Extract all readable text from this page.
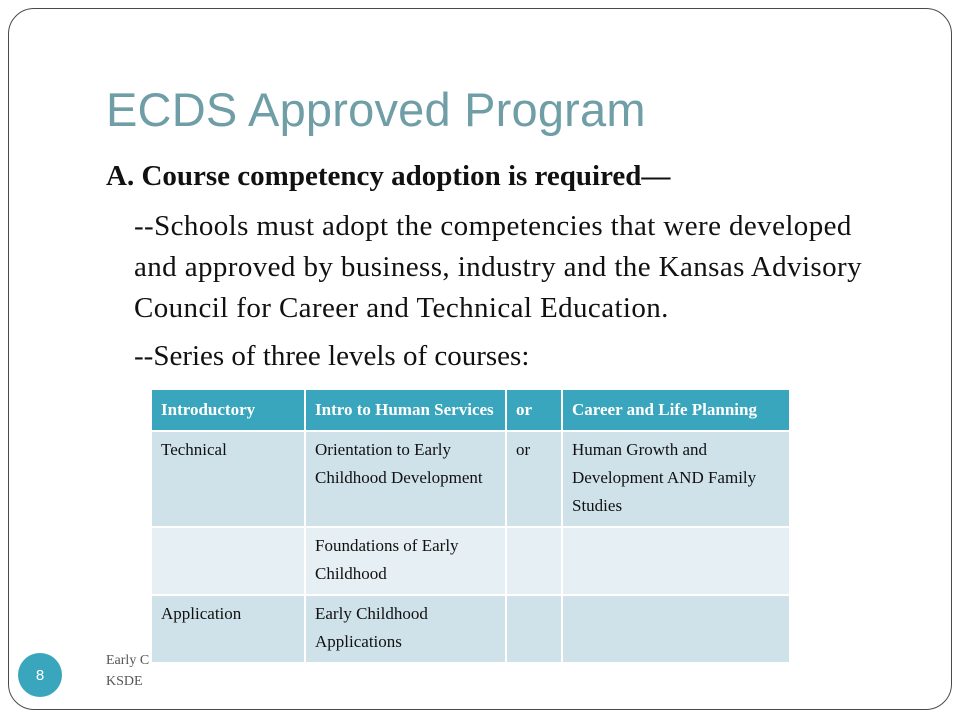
ECDS Approved Program
A. Course competency adoption is required—
--Schools must adopt the competencies that were developed and approved by business, industry and the Kansas Advisory Council for Career and Technical Education.
--Series of three levels of courses:
Early C
KSDE
Introductory	Intro to Human Services	or	Career and Life Planning
Technical	Orientation to Early Childhood Development	or	Human Growth and Development AND Family Studies
	Foundations of Early Childhood		
Application	Early Childhood Applications		
8
